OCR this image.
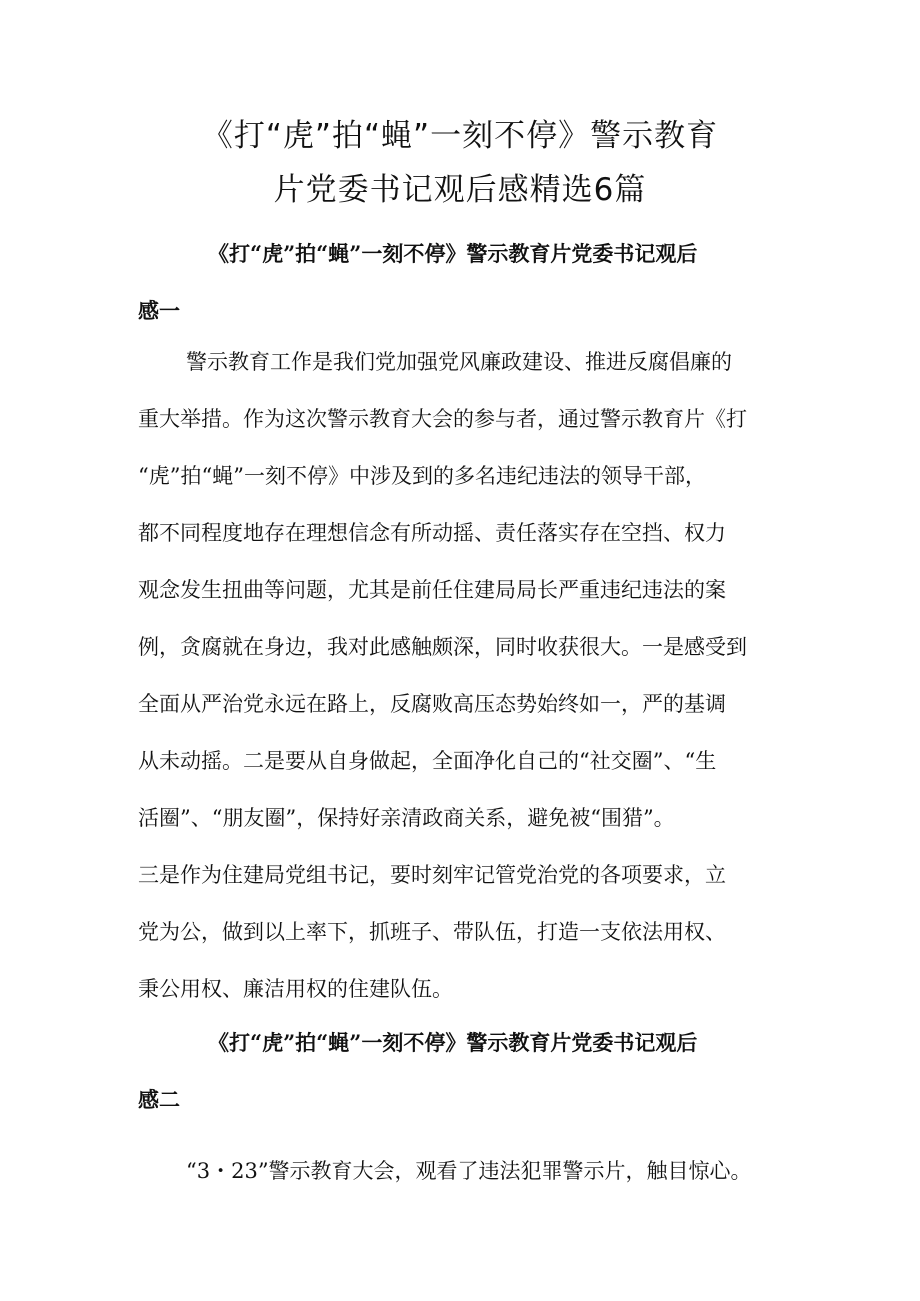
《打“虎”拍“蝇”一刻不停》警示教育
片党委书记观后感精选6篇
《打“虎”拍“蝇”一刻不停》警示教育片党委书记观后
感一
警示教育工作是我们党加强党风廉政建设、推进反腐倡廉的
重大举措。作为这次警示教育大会的参与者，通过警示教育片《打
“虎”拍“蝇”一刻不停》中涉及到的多名违纪违法的领导干部，
都不同程度地存在理想信念有所动摇、责任落实存在空挡、权力
观念发生扭曲等问题，尤其是前任住建局局长严重违纪违法的案
例，贪腐就在身边，我对此感触颇深，同时收获很大。一是感受到
全面从严治党永远在路上，反腐败高压态势始终如一，严的基调
从未动摇。二是要从自身做起，全面净化自己的“社交圈”、“生
活圈”、“朋友圈”，保持好亲清政商关系，避免被“围猎”。
三是作为住建局党组书记，要时刻牢记管党治党的各项要求，立
党为公，做到以上率下，抓班子、带队伍，打造一支依法用权、
秉公用权、廉洁用权的住建队伍。
《打“虎”拍“蝇”一刻不停》警示教育片党委书记观后
感二
“3・23”警示教育大会，观看了违法犯罪警示片，触目惊心。
